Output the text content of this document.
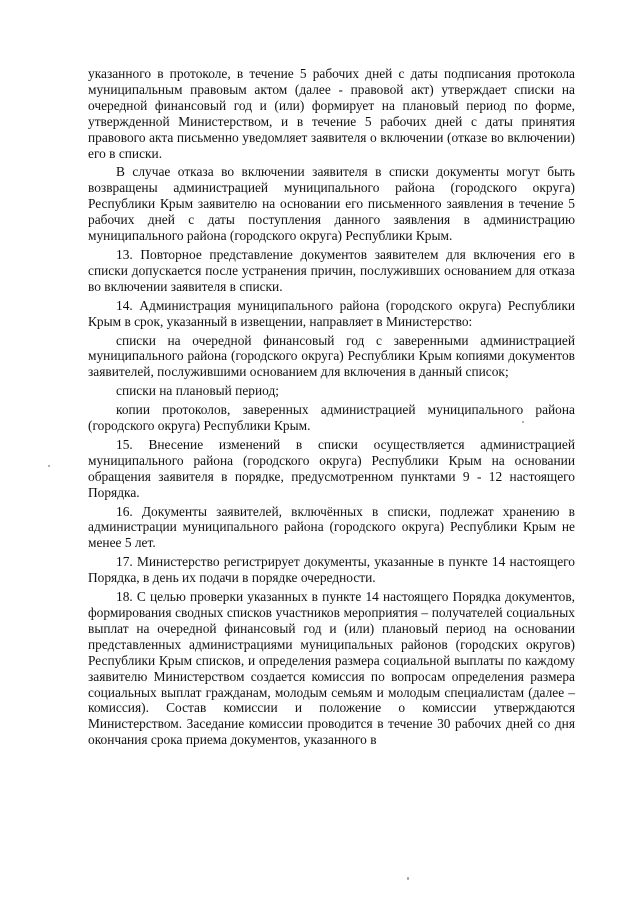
указанного в протоколе, в течение 5 рабочих дней с даты подписания протокола муниципальным правовым актом (далее - правовой акт) утверждает списки на очередной финансовый год и (или) формирует на плановый период по форме, утвержденной Министерством, и в течение 5 рабочих дней с даты принятия правового акта письменно уведомляет заявителя о включении (отказе во включении) его в списки.

В случае отказа во включении заявителя в списки документы могут быть возвращены администрацией муниципального района (городского округа) Республики Крым заявителю на основании его письменного заявления в течение 5 рабочих дней с даты поступления данного заявления в администрацию муниципального района (городского округа) Республики Крым.

13. Повторное представление документов заявителем для включения его в списки допускается после устранения причин, послуживших основанием для отказа во включении заявителя в списки.

14. Администрация муниципального района (городского округа) Республики Крым в срок, указанный в извещении, направляет в Министерство:

списки на очередной финансовый год с заверенными администрацией муниципального района (городского округа) Республики Крым копиями документов заявителей, послужившими основанием для включения в данный список;

списки на плановый период;

копии протоколов, заверенных администрацией муниципального района (городского округа) Республики Крым.

15. Внесение изменений в списки осуществляется администрацией муниципального района (городского округа) Республики Крым на основании обращения заявителя в порядке, предусмотренном пунктами 9 - 12 настоящего Порядка.

16. Документы заявителей, включённых в списки, подлежат хранению в администрации муниципального района (городского округа) Республики Крым не менее 5 лет.

17. Министерство регистрирует документы, указанные в пункте 14 настоящего Порядка, в день их подачи в порядке очередности.

18. С целью проверки указанных в пункте 14 настоящего Порядка документов, формирования сводных списков участников мероприятия – получателей социальных выплат на очередной финансовый год и (или) плановый период на основании представленных администрациями муниципальных районов (городских округов) Республики Крым списков, и определения размера социальной выплаты по каждому заявителю Министерством создается комиссия по вопросам определения размера социальных выплат гражданам, молодым семьям и молодым специалистам (далее – комиссия). Состав комиссии и положение о комиссии утверждаются Министерством. Заседание комиссии проводится в течение 30 рабочих дней со дня окончания срока приема документов, указанного в
